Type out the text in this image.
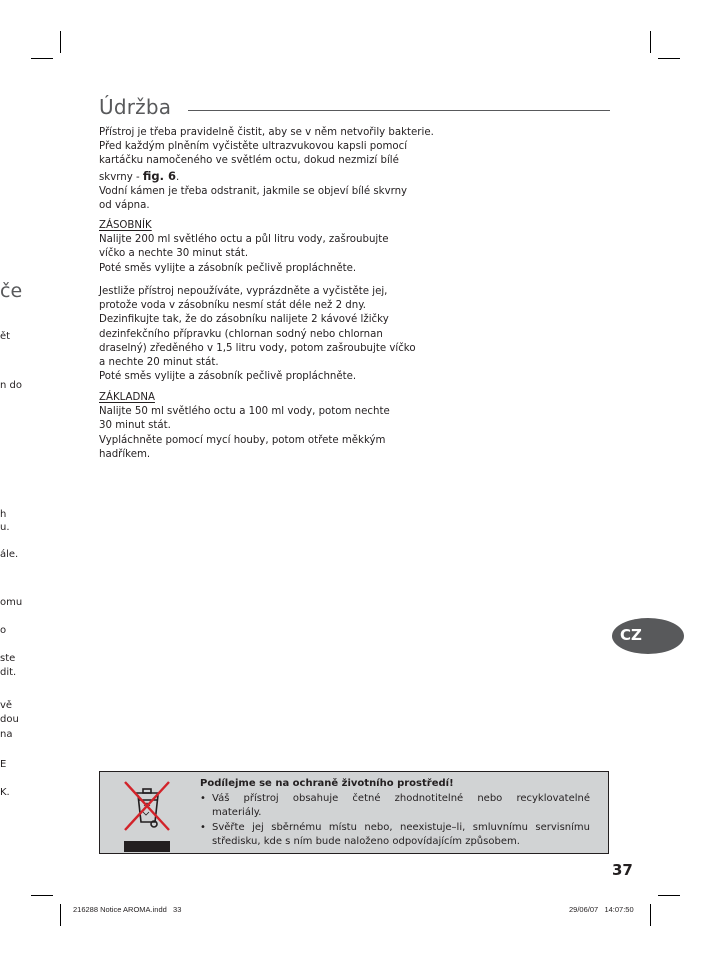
če
ět
n do
h
u.
ále.
omu
o
ste
dit.
vě
dou
na
E
K.
Údržba
Přístroj je třeba pravidelně čistit, aby se v něm netvořily bakterie.
Před každým plněním vyčistěte ultrazvukovou kapsli pomocí
kartáčku namočeného ve světlém octu, dokud nezmizí bílé
skvrny - fig. 6.
Vodní kámen je třeba odstranit, jakmile se objeví bílé skvrny
od vápna.
ZÁSOBNÍK
Nalijte 200 ml světlého octu a půl litru vody, zašroubujte
víčko a nechte 30 minut stát.
Poté směs vylijte a zásobník pečlivě propláchněte.
Jestliže přístroj nepoužíváte, vyprázdněte a vyčistěte jej,
protože voda v zásobníku nesmí stát déle než 2 dny.
Dezinfikujte tak, že do zásobníku nalijete 2 kávové lžičky
dezinfekčního přípravku (chlornan sodný nebo chlornan
draselný) zředěného v 1,5 litru vody, potom zašroubujte víčko
a nechte 20 minut stát.
Poté směs vylijte a zásobník pečlivě propláchněte.
ZÁKLADNA
Nalijte 50 ml světlého octu a 100 ml vody, potom nechte
30 minut stát.
Vypláchněte pomocí mycí houby, potom otřete měkkým
hadříkem.
CZ
Podílejme se na ochraně životního prostředí!
• Váš přístroj obsahuje četné zhodnotitelné nebo recyklovatelné
materiály.
• Svěřte jej sběrnému místu nebo, neexistuje–li, smluvnímu servisnímu
středisku, kde s ním bude naloženo odpovídajícím způsobem.
37
216288 Notice AROMA.indd   33	29/06/07   14:07:50
